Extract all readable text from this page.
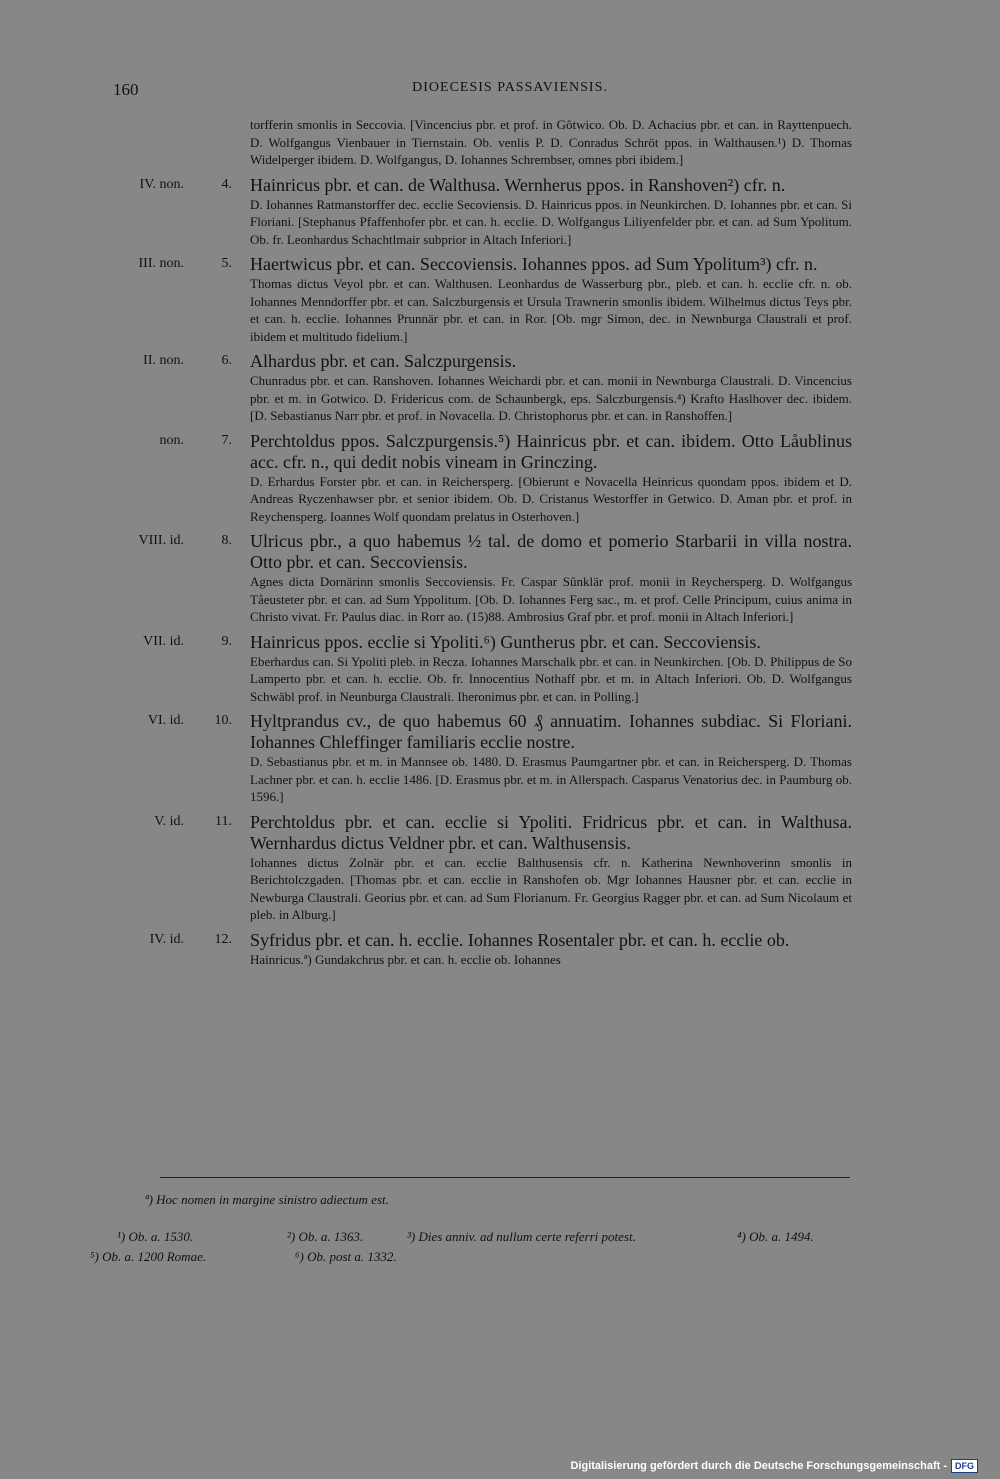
160	DIOECESIS PASSAVIENSIS.
torfferin smonlis in Seccovia. [Vincencius pbr. et prof. in Gôtwico. Ob. D. Achacius pbr. et can. in Rayttenpuech. D. Wolfgangus Vienbauer in Tiernstain. Ob. venlis P. D. Conradus Schröt ppos. in Walthausen.¹) D. Thomas Widelperger ibidem. D. Wolfgangus, D. Iohannes Schrembser, omnes pbri ibidem.]
IV. non.	4. Hainricus pbr. et can. de Walthusa. Wernherus ppos. in Ranshoven²) cfr. n.
D. Iohannes Ratmanstorffer dec. ecclie Secoviensis. D. Hainricus ppos. in Neunkirchen. D. Iohannes pbr. et can. Si Floriani. [Stephanus Pfaffenhofer pbr. et can. h. ecclie. D. Wolfgangus Liliyenfelder pbr. et can. ad Sum Ypolitum. Ob. fr. Leonhardus Schachtlmair subprior in Altach Inferiori.]
III. non.	5. Haertwicus pbr. et can. Seccoviensis. Iohannes ppos. ad Sum Ypolitum³) cfr. n.
Thomas dictus Veyol pbr. et can. Walthusen. Leonhardus de Wasserburg pbr., pleb. et can. h. ecclie cfr. n. ob. Iohannes Menndorffer pbr. et can. Salczburgensis et Ursula Trawnerin smonlis ibidem. Wilhelmus dictus Teys pbr. et can. h. ecclie. Iohannes Prunnär pbr. et can. in Ror. [Ob. mgr Simon, dec. in Newnburga Claustrali et prof. ibidem et multitudo fidelium.]
II. non.	6. Alhardus pbr. et can. Salczpurgensis.
Chunradus pbr. et can. Ranshoven. Iohannes Weichardi pbr. et can. monii in Newnburga Claustrali. D. Vincencius pbr. et m. in Gotwico. D. Fridericus com. de Schaunbergk, eps. Salczburgensis.⁴) Krafto Haslhover dec. ibidem. [D. Sebastianus Narr pbr. et prof. in Novacella. D. Christophorus pbr. et can. in Ranshoffen.]
non.	7. Perchtoldus ppos. Salczpurgensis.⁵) Hainricus pbr. et can. ibidem. Otto Låublinus acc. cfr. n., qui dedit nobis vineam in Grinczing.
D. Erhardus Forster pbr. et can. in Reichersperg. [Obierunt e Novacella Heinricus quondam ppos. ibidem et D. Andreas Ryczenhawser pbr. et senior ibidem. Ob. D. Cristanus Westorffer in Getwico. D. Aman pbr. et prof. in Reychensperg. Ioannes Wolf quondam prelatus in Osterhoven.]
VIII. id.	8. Ulricus pbr., a quo habemus ½ tal. de domo et pomerio Starbarii in villa nostra. Otto pbr. et can. Seccoviensis.
Agnes dicta Dornärinn smonlis Seccoviensis. Fr. Caspar Sûnklär prof. monii in Reychersperg. D. Wolfgangus Tåeusteter pbr. et can. ad Sum Yppolitum. [Ob. D. Iohannes Ferg sac., m. et prof. Celle Principum, cuius anima in Christo vivat. Fr. Paulus diac. in Rorr ao. (15)88. Ambrosius Graf pbr. et prof. monii in Altach Inferiori.]
VII. id.	9. Hainricus ppos. ecclie si Ypoliti.⁶) Guntherus pbr. et can. Seccoviensis.
Eberhardus can. Si Ypoliti pleb. in Recza. Iohannes Marschalk pbr. et can. in Neunkirchen. [Ob. D. Philippus de So Lamperto pbr. et can. h. ecclie. Ob. fr. Innocentius Nothaff pbr. et m. in Altach Inferiori. Ob. D. Wolfgangus Schwäbl prof. in Neunburga Claustrali. Iheronimus pbr. et can. in Polling.]
VI. id.	10. Hyltprandus cv., de quo habemus 60 ₰ annuatim. Iohannes subdiac. Si Floriani. Iohannes Chleffinger familiaris ecclie nostre.
D. Sebastianus pbr. et m. in Mannsee ob. 1480. D. Erasmus Paumgartner pbr. et can. in Reichersperg. D. Thomas Lachner pbr. et can. h. ecclie 1486. [D. Erasmus pbr. et m. in Allerspach. Casparus Venatorius dec. in Paumburg ob. 1596.]
V. id.	11. Perchtoldus pbr. et can. ecclie si Ypoliti. Fridricus pbr. et can. in Walthusa. Wernhardus dictus Veldner pbr. et can. Walthusensis.
Iohannes dictus Zolnär pbr. et can. ecclie Balthusensis cfr. n. Katherina Newnhoverinn smonlis in Berichtolczgaden. [Thomas pbr. et can. ecclie in Ranshofen ob. Mgr Iohannes Hausner pbr. et can. ecclie in Newburga Claustrali. Georius pbr. et can. ad Sum Florianum. Fr. Georgius Ragger pbr. et can. ad Sum Nicolaum et pleb. in Alburg.]
IV. id.	12. Syfridus pbr. et can. h. ecclie. Iohannes Rosentaler pbr. et can. h. ecclie ob.
Hainricus.ª) Gundakchrus pbr. et can. h. ecclie ob. Iohannes
ª) Hoc nomen in margine sinistro adiectum est.
¹) Ob. a. 1530.	²) Ob. a. 1363.	³) Dies anniv. ad nullum certe referri potest.	⁴) Ob. a. 1494.
⁵) Ob. a. 1200 Romae.	⁶) Ob. post a. 1332.
Digitalisierung gefördert durch die Deutsche Forschungsgemeinschaft - DFG
